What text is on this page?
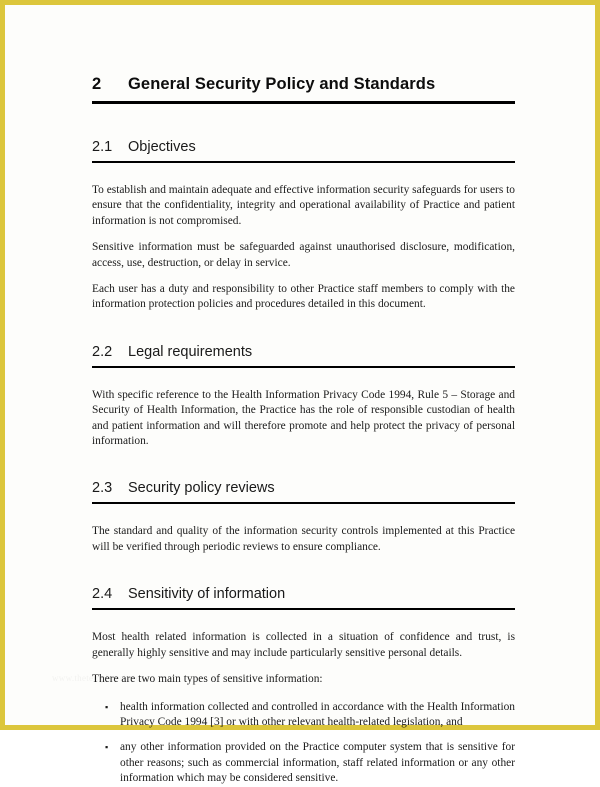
2	General Security Policy and Standards
2.1	Objectives

To establish and maintain adequate and effective information security safeguards for users to ensure that the confidentiality, integrity and operational availability of Practice and patient information is not compromised.

Sensitive information must be safeguarded against unauthorised disclosure, modification, access, use, destruction, or delay in service.

Each user has a duty and responsibility to other Practice staff members to comply with the information protection policies and procedures detailed in this document.

2.2	Legal requirements

With specific reference to the Health Information Privacy Code 1994, Rule 5 – Storage and Security of Health Information, the Practice has the role of responsible custodian of health and patient information and will therefore promote and help protect the privacy of personal information.

2.3	Security policy reviews

The standard and quality of the information security controls implemented at this Practice will be verified through periodic reviews to ensure compliance.

2.4	Sensitivity of information

Most health related information is collected in a situation of confidence and trust, is generally highly sensitive and may include particularly sensitive personal details.

There are two main types of sensitive information:

▪ health information collected and controlled in accordance with the Health Information Privacy Code 1994 [3] or with other relevant health-related legislation, and
▪ any other information provided on the Practice computer system that is sensitive for other reasons; such as commercial information, staff related information or any other information which may be considered sensitive.
